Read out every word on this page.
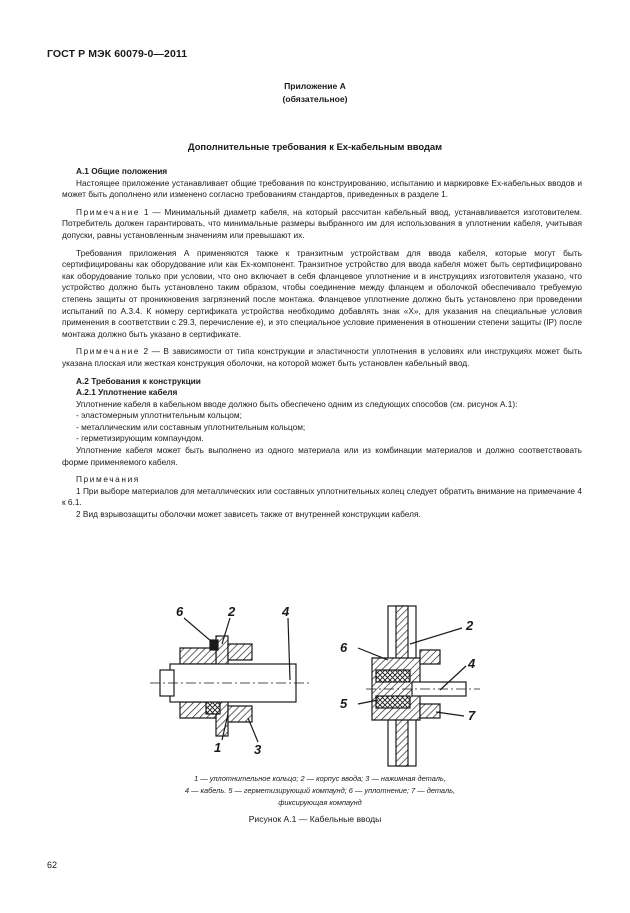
ГОСТ Р МЭК 60079-0—2011
Приложение А
(обязательное)
Дополнительные требования к Ex-кабельным вводам

А.1 Общие положения

Настоящее приложение устанавливает общие требования по конструированию, испытанию и маркировке Ex-кабельных вводов и может быть дополнено или изменено согласно требованиям стандартов, приведенных в разделе 1.

Примечание 1 — Минимальный диаметр кабеля, на который рассчитан кабельный ввод, устанавливается изготовителем. Потребитель должен гарантировать, что минимальные размеры выбранного им для использования в уплотнении кабеля, учитывая допуски, равны установленным значениям или превышают их.

Требования приложения А применяются также к транзитным устройствам для ввода кабеля, которые могут быть сертифицированы как оборудование или как Ex-компонент. Транзитное устройство для ввода кабеля может быть сертифицировано как оборудование только при условии, что оно включает в себя фланцевое уплотнение и в инструкциях изготовителя указано, что устройство должно быть установлено таким образом, чтобы соединение между фланцем и оболочкой обеспечивало требуемую степень защиты от проникновения загрязнений после монтажа. Фланцевое уплотнение должно быть установлено при проведении испытаний по А.3.4. К номеру сертификата устройства необходимо добавлять знак «X», для указания на специальные условия применения в соответствии с 29.3, перечисление е), и это специальное условие применения в отношении степени защиты (IP) после монтажа должно быть указано в сертификате.

Примечание 2 — В зависимости от типа конструкции и эластичности уплотнения в условиях или инструкциях может быть указана плоская или жесткая конструкция оболочки, на которой может быть установлен кабельный ввод.

А.2 Требования к конструкции

А.2.1 Уплотнение кабеля

Уплотнение кабеля в кабельном вводе должно быть обеспечено одним из следующих способов (см. рисунок А.1):

- эластомерным уплотнительным кольцом;

- металлическим или составным уплотнительным кольцом;

- герметизирующим компаундом.

Уплотнение кабеля может быть выполнено из одного материала или из комбинации материалов и должно соответствовать форме применяемого кабеля.

Примечания

1 При выборе материалов для металлических или составных уплотнительных колец следует обратить внимание на примечание 4 к 6.1.

2 Вид взрывозащиты оболочки может зависеть также от внутренней конструкции кабеля.

6	2	4
1	3
2
6
4
5
7
1 — уплотнительное кольцо; 2 — корпус ввода; 3 — нажимная деталь,
4 — кабель. 5 — герметизирующий компаунд; 6 — уплотнение; 7 — деталь,
фиксирующая компаунд
Рисунок А.1 — Кабельные вводы
62
